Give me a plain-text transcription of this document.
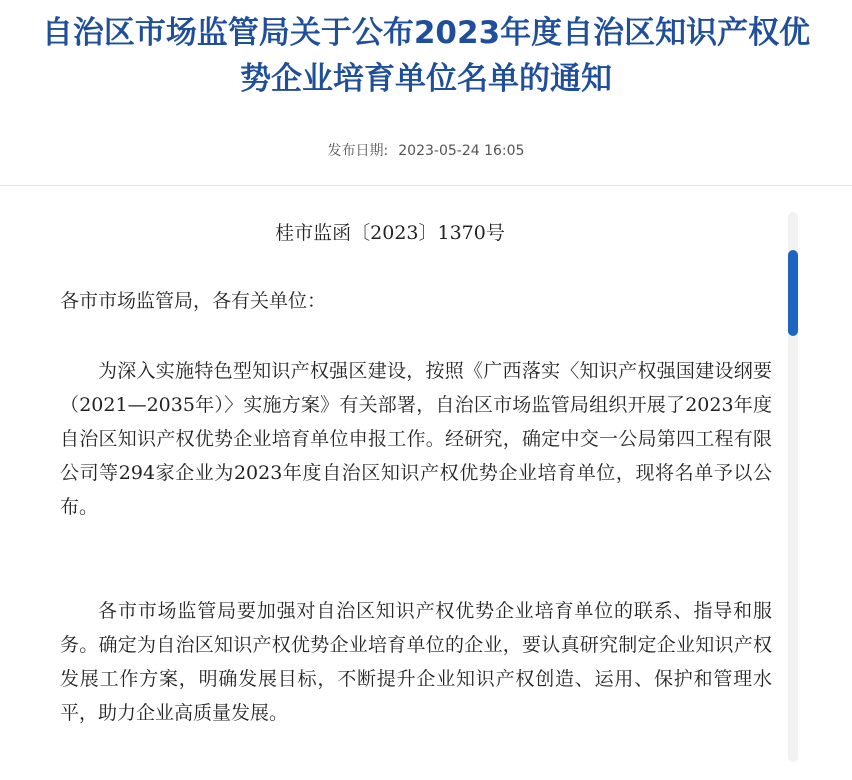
自治区市场监管局关于公布2023年度自治区知识产权优势企业培育单位名单的通知
发布日期: 2023-05-24 16:05
桂市监函〔2023〕1370号
各市市场监管局，各有关单位：

为深入实施特色型知识产权强区建设，按照《广西落实〈知识产权强国建设纲要（2021—2035年）〉实施方案》有关部署，自治区市场监管局组织开展了2023年度自治区知识产权优势企业培育单位申报工作。经研究，确定中交一公局第四工程有限公司等294家企业为2023年度自治区知识产权优势企业培育单位，现将名单予以公布。

各市市场监管局要加强对自治区知识产权优势企业培育单位的联系、指导和服务。确定为自治区知识产权优势企业培育单位的企业，要认真研究制定企业知识产权发展工作方案，明确发展目标，不断提升企业知识产权创造、运用、保护和管理水平，助力企业高质量发展。
